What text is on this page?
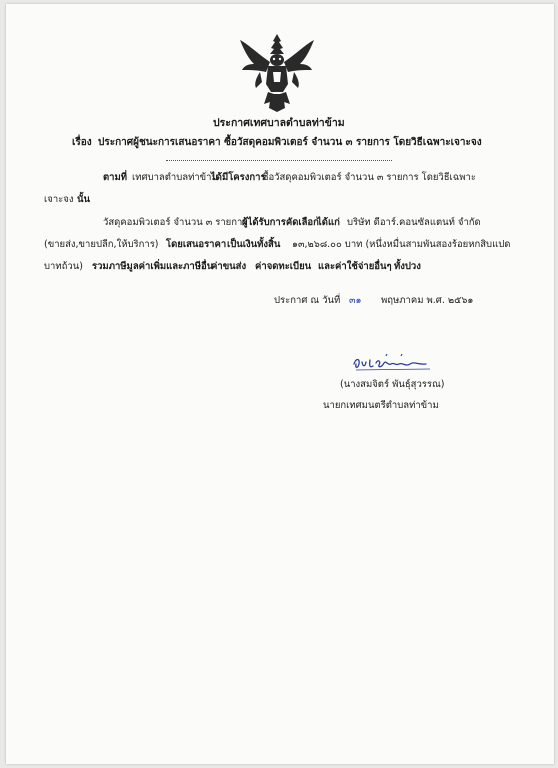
ประกาศเทศบาลตำบลท่าข้าม
เรื่อง ประกาศผู้ชนะการเสนอราคา ซื้อวัสดุคอมพิวเตอร์ จำนวน ๓ รายการ โดยวิธีเฉพาะเจาะจง
ตามที่ เทศบาลตำบลท่าข้าม
ได้มีโครงการ
ซื้อวัสดุคอมพิวเตอร์ จำนวน ๓ รายการ โดยวิธีเฉพาะ
เจาะจง นั้น
วัสดุคอมพิวเตอร์ จำนวน ๓ รายการ
ผู้ได้รับการคัดเลือก
ได้แก่ บริษัท ดีอาร์.คอนซัลแตนท์ จำกัด
(ขายส่ง,ขายปลีก,ให้บริการ) โดยเสนอราคา เป็นเงินทั้งสิ้น ๑๓,๒๖๘.๐๐ บาท (หนึ่งหมื่นสามพันสองร้อยหกสิบแปด
บาทถ้วน) รวมภาษีมูลค่าเพิ่มและภาษีอื่น
ค่าขนส่ง ค่าจดทะเบียน และค่าใช้จ่ายอื่นๆ ทั้งปวง
ประกาศ ณ วันที่ ๓๑ พฤษภาคม พ.ศ. ๒๕๖๑
(นางสมจิตร์ พันธุ์สุวรรณ)
นายกเทศมนตรีตำบลท่าข้าม
